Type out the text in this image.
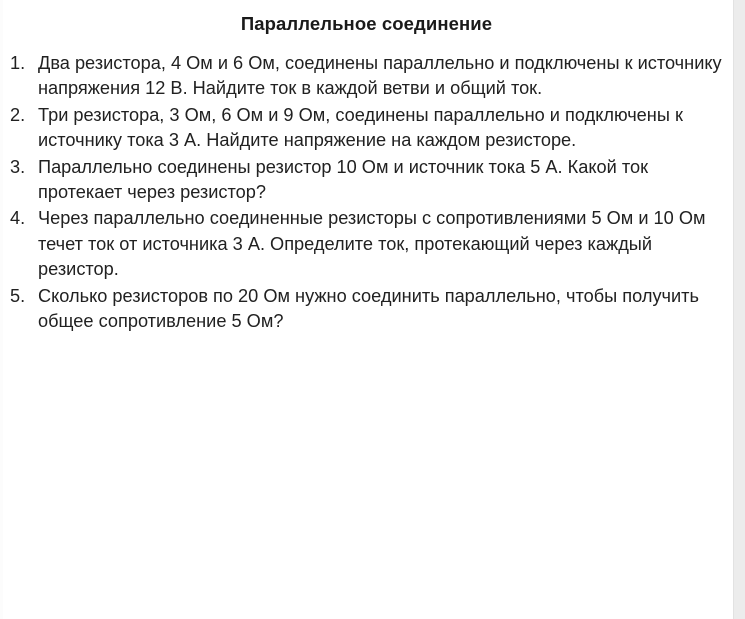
Параллельное соединение
1. Два резистора, 4 Ом и 6 Ом, соединены параллельно и подключены к источнику напряжения 12 В. Найдите ток в каждой ветви и общий ток.
2. Три резистора, 3 Ом, 6 Ом и 9 Ом, соединены параллельно и подключены к источнику тока 3 А. Найдите напряжение на каждом резисторе.
3. Параллельно соединены резистор 10 Ом и источник тока 5 А. Какой ток протекает через резистор?
4. Через параллельно соединенные резисторы с сопротивлениями 5 Ом и 10 Ом течет ток от источника 3 А. Определите ток, протекающий через каждый резистор.
5. Сколько резисторов по 20 Ом нужно соединить параллельно, чтобы получить общее сопротивление 5 Ом?
